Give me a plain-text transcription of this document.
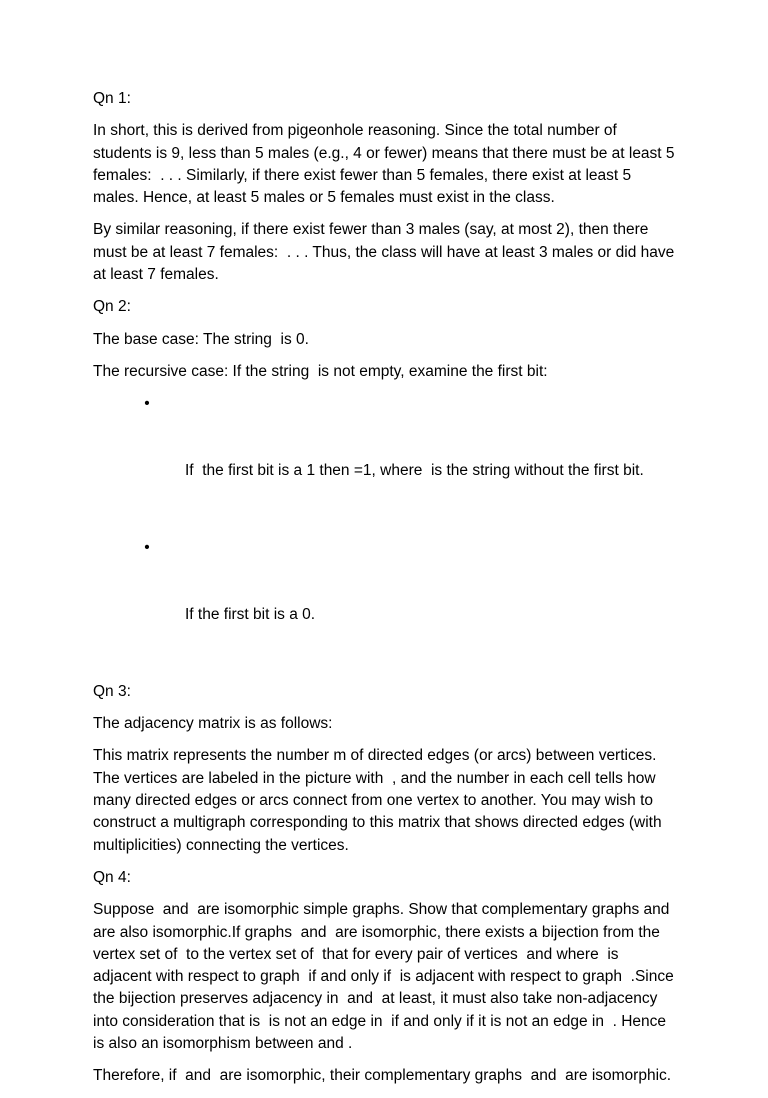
Qn 1:

In short, this is derived from pigeonhole reasoning. Since the total number of students is 9, less than 5 males (e.g., 4 or fewer) means that there must be at least 5 females:  . . . Similarly, if there exist fewer than 5 females, there exist at least 5 males. Hence, at least 5 males or 5 females must exist in the class.

By similar reasoning, if there exist fewer than 3 males (say, at most 2), then there must be at least 7 females:  . . . Thus, the class will have at least 3 males or did have at least 7 females.

Qn 2:

The base case: The string  is 0.

The recursive case: If the string  is not empty, examine the first bit:

•

If  the first bit is a 1 then =1, where  is the string without the first bit.

•

If the first bit is a 0.

Qn 3:

The adjacency matrix is as follows:

This matrix represents the number m of directed edges (or arcs) between vertices. The vertices are labeled in the picture with  , and the number in each cell tells how many directed edges or arcs connect from one vertex to another. You may wish to construct a multigraph corresponding to this matrix that shows directed edges (with multiplicities) connecting the vertices.

Qn 4:

Suppose  and  are isomorphic simple graphs. Show that complementary graphs and  are also isomorphic.If graphs  and  are isomorphic, there exists a bijection from the vertex set of  to the vertex set of  that for every pair of vertices  and where  is adjacent with respect to graph  if and only if  is adjacent with respect to graph  .Since the bijection preserves adjacency in  and  at least, it must also take non-adjacency into consideration that is  is not an edge in  if and only if it is not an edge in  . Hence is also an isomorphism between and .

Therefore, if  and  are isomorphic, their complementary graphs  and  are isomorphic.
